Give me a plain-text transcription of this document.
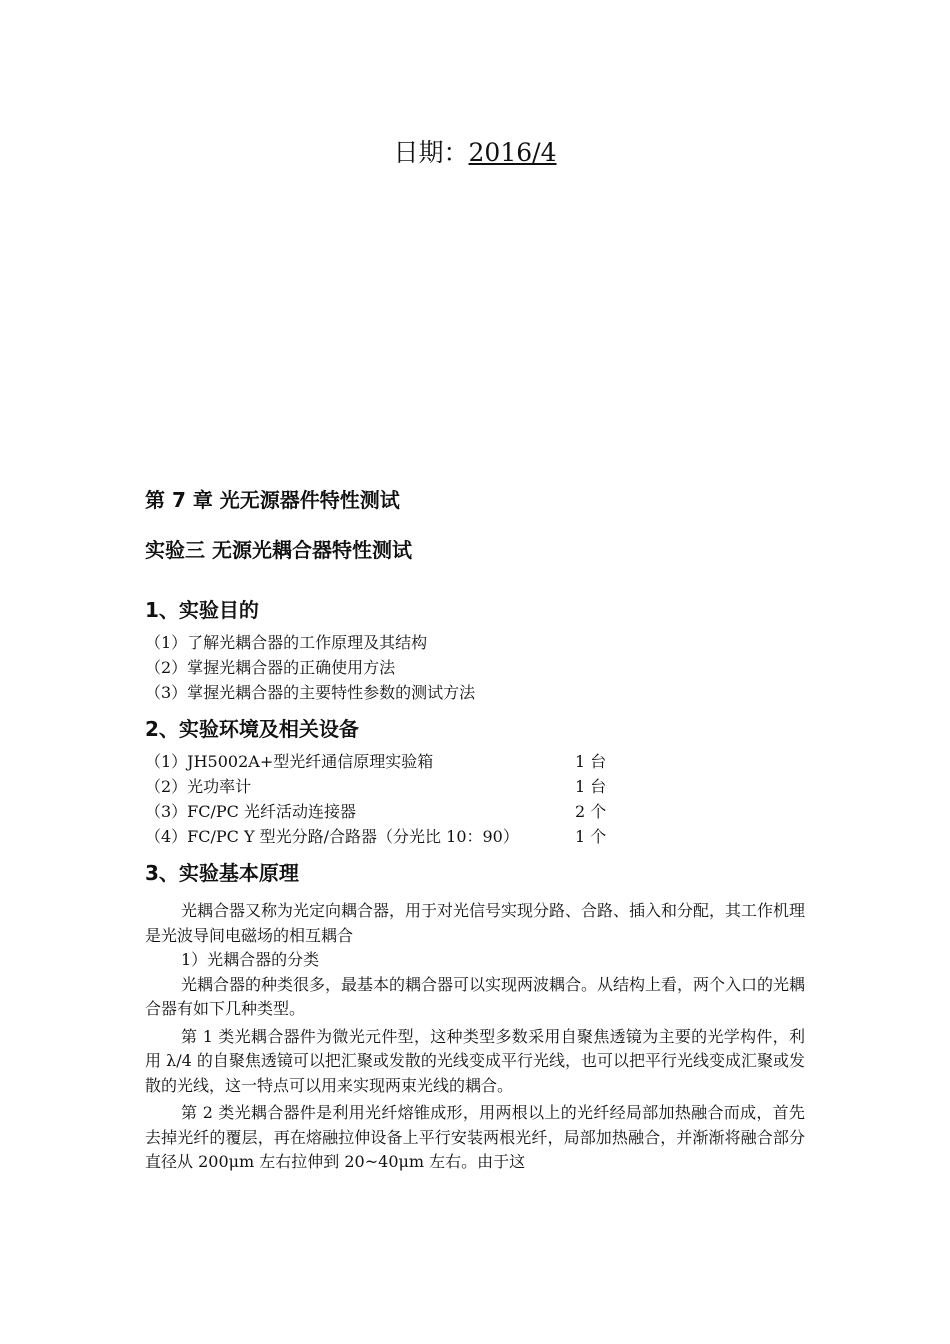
日期：2016/4
第 7 章 光无源器件特性测试
实验三 无源光耦合器特性测试
1、实验目的
（1）了解光耦合器的工作原理及其结构
（2）掌握光耦合器的正确使用方法
（3）掌握光耦合器的主要特性参数的测试方法
2、实验环境及相关设备
（1）JH5002A+型光纤通信原理实验箱	1 台
（2）光功率计	1 台
（3）FC/PC 光纤活动连接器	2 个
（4）FC/PC Y 型光分路/合路器（分光比 10：90）	1 个
3、实验基本原理

光耦合器又称为光定向耦合器，用于对光信号实现分路、合路、插入和分配，其工作机理是光波导间电磁场的相互耦合

1）光耦合器的分类

光耦合器的种类很多，最基本的耦合器可以实现两波耦合。从结构上看，两个入口的光耦合器有如下几种类型。

第 1 类光耦合器件为微光元件型，这种类型多数采用自聚焦透镜为主要的光学构件，利用 λ/4 的自聚焦透镜可以把汇聚或发散的光线变成平行光线，也可以把平行光线变成汇聚或发散的光线，这一特点可以用来实现两束光线的耦合。

第 2 类光耦合器件是利用光纤熔锥成形，用两根以上的光纤经局部加热融合而成，首先去掉光纤的覆层，再在熔融拉伸设备上平行安装两根光纤，局部加热融合，并渐渐将融合部分直径从 200μm 左右拉伸到 20~40μm 左右。由于这
